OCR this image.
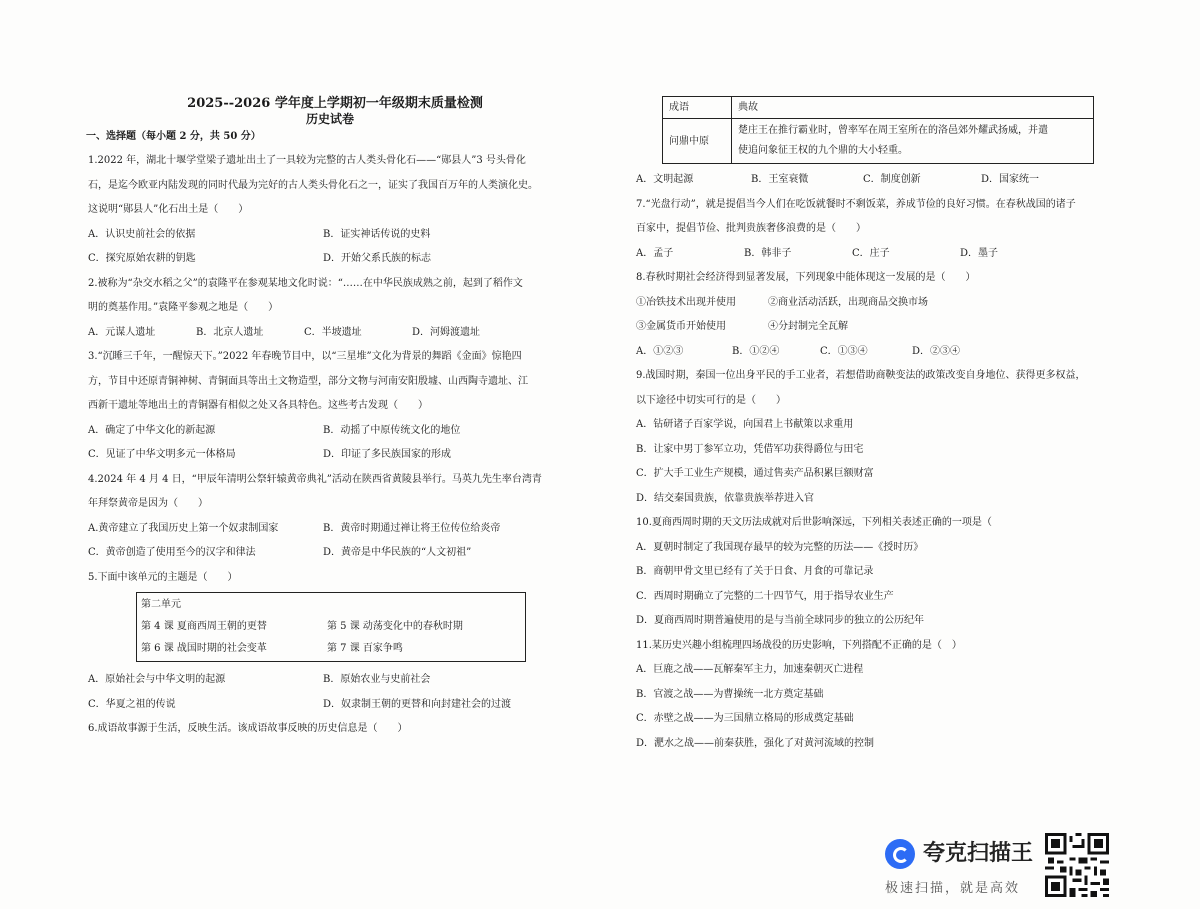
2025--2026 学年度上学期初一年级期末质量检测
历史试卷
一、选择题（每小题 2 分，共 50 分）
1.2022 年，湖北十堰学堂梁子遗址出土了一具较为完整的古人类头骨化石——“郧县人”3 号头骨化
石，是迄今欧亚内陆发现的同时代最为完好的古人类头骨化石之一，证实了我国百万年的人类演化史。
这说明“郧县人”化石出土是（　　）
A．认识史前社会的依据	B．证实神话传说的史料
C．探究原始农耕的钥匙	D．开始父系氏族的标志
2.被称为“杂交水稻之父”的袁隆平在参观某地文化时说：“……在中华民族成熟之前，起到了稻作文
明的奠基作用。”袁隆平参观之地是（　　）
A．元谋人遗址	B．北京人遗址	C．半坡遗址	D．河姆渡遗址
3.“沉睡三千年，一醒惊天下。”2022 年春晚节目中，以“三星堆”文化为背景的舞蹈《金面》惊艳四
方，节目中还原青铜神树、青铜面具等出土文物造型，部分文物与河南安阳殷墟、山西陶寺遗址、江
西新干遗址等地出土的青铜器有相似之处又各具特色。这些考古发现（　　）
A．确定了中华文化的新起源	B．动摇了中原传统文化的地位
C．见证了中华文明多元一体格局	D．印证了多民族国家的形成
4.2024 年 4 月 4 日，“甲辰年清明公祭轩辕黄帝典礼”活动在陕西省黄陵县举行。马英九先生率台湾青
年拜祭黄帝是因为（　　）
A.黄帝建立了我国历史上第一个奴隶制国家	B．黄帝时期通过禅让将王位传位给炎帝
C．黄帝创造了使用至今的汉字和律法	D．黄帝是中华民族的“人文初祖”
5.下面中该单元的主题是（　　）
第二单元
第 4 课 夏商西周王朝的更替	第 5 课 动荡变化中的春秋时期
第 6 课 战国时期的社会变革	第 7 课 百家争鸣
A．原始社会与中华文明的起源	B．原始农业与史前社会
C．华夏之祖的传说	D．奴隶制王朝的更替和向封建社会的过渡
6.成语故事源于生活，反映生活。该成语故事反映的历史信息是（　　）
成语	典故
问鼎中原	楚庄王在推行霸业时，曾率军在周王室所在的洛邑郊外耀武扬威，并遣
使追问象征王权的九个鼎的大小轻重。
A．文明起源	B．王室衰微	C．制度创新	D．国家统一
7.“光盘行动”，就是提倡当今人们在吃饭就餐时不剩饭菜，养成节俭的良好习惯。在春秋战国的诸子
百家中，提倡节俭、批判贵族奢侈浪费的是（　　）
A．孟子	B．韩非子	C．庄子	D．墨子
8.春秋时期社会经济得到显著发展，下列现象中能体现这一发展的是（　　）
①冶铁技术出现并使用	②商业活动活跃，出现商品交换市场
③金属货币开始使用	④分封制完全瓦解
A．①②③	B．①②④	C．①③④	D．②③④
9.战国时期，秦国一位出身平民的手工业者，若想借助商鞅变法的政策改变自身地位、获得更多权益，
以下途径中切实可行的是（　　）
A．钻研诸子百家学说，向国君上书献策以求重用
B．让家中男丁参军立功，凭借军功获得爵位与田宅
C．扩大手工业生产规模，通过售卖产品积累巨额财富
D．结交秦国贵族，依靠贵族举荐进入官
10.夏商西周时期的天文历法成就对后世影响深远，下列相关表述正确的一项是（
A．夏朝时制定了我国现存最早的较为完整的历法——《授时历》
B．商朝甲骨文里已经有了关于日食、月食的可靠记录
C．西周时期确立了完整的二十四节气，用于指导农业生产
D．夏商西周时期普遍使用的是与当前全球同步的独立的公历纪年
11.某历史兴趣小组梳理四场战役的历史影响，下列搭配不正确的是（　）
A．巨鹿之战——瓦解秦军主力，加速秦朝灭亡进程
B．官渡之战——为曹操统一北方奠定基础
C．赤壁之战——为三国鼎立格局的形成奠定基础
D．淝水之战——前秦获胜，强化了对黄河流域的控制
夸克扫描王
极速扫描，就是高效
